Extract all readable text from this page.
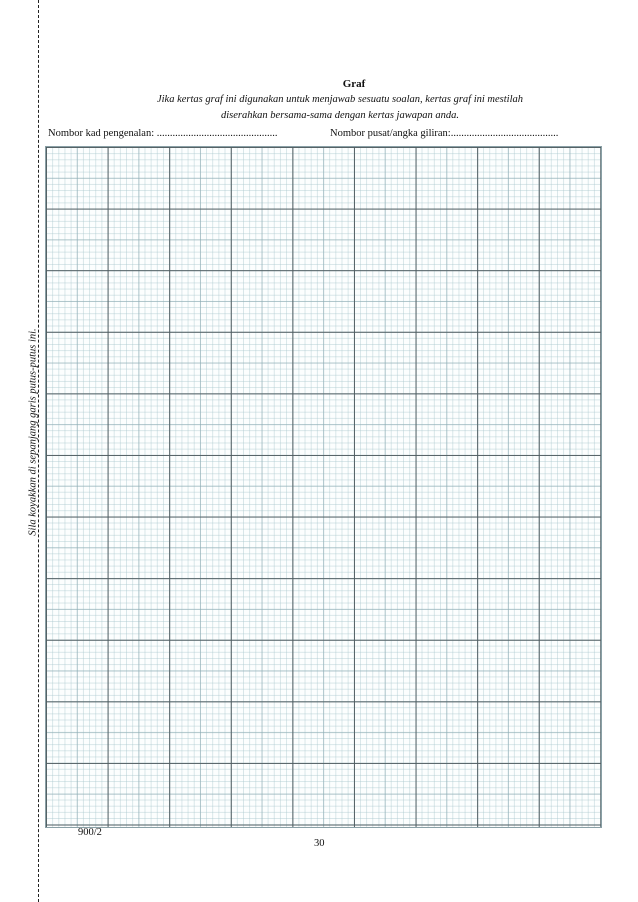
Sila koyakkan di sepanjang garis putus-putus ini.
Graf
Jika kertas graf ini digunakan untuk menjawab sesuatu soalan, kertas graf ini mestilah
diserahkan bersama-sama dengan kertas jawapan anda.
Nombor kad pengenalan: ..............................................	Nombor pusat/angka giliran:.........................................
900/2
30
